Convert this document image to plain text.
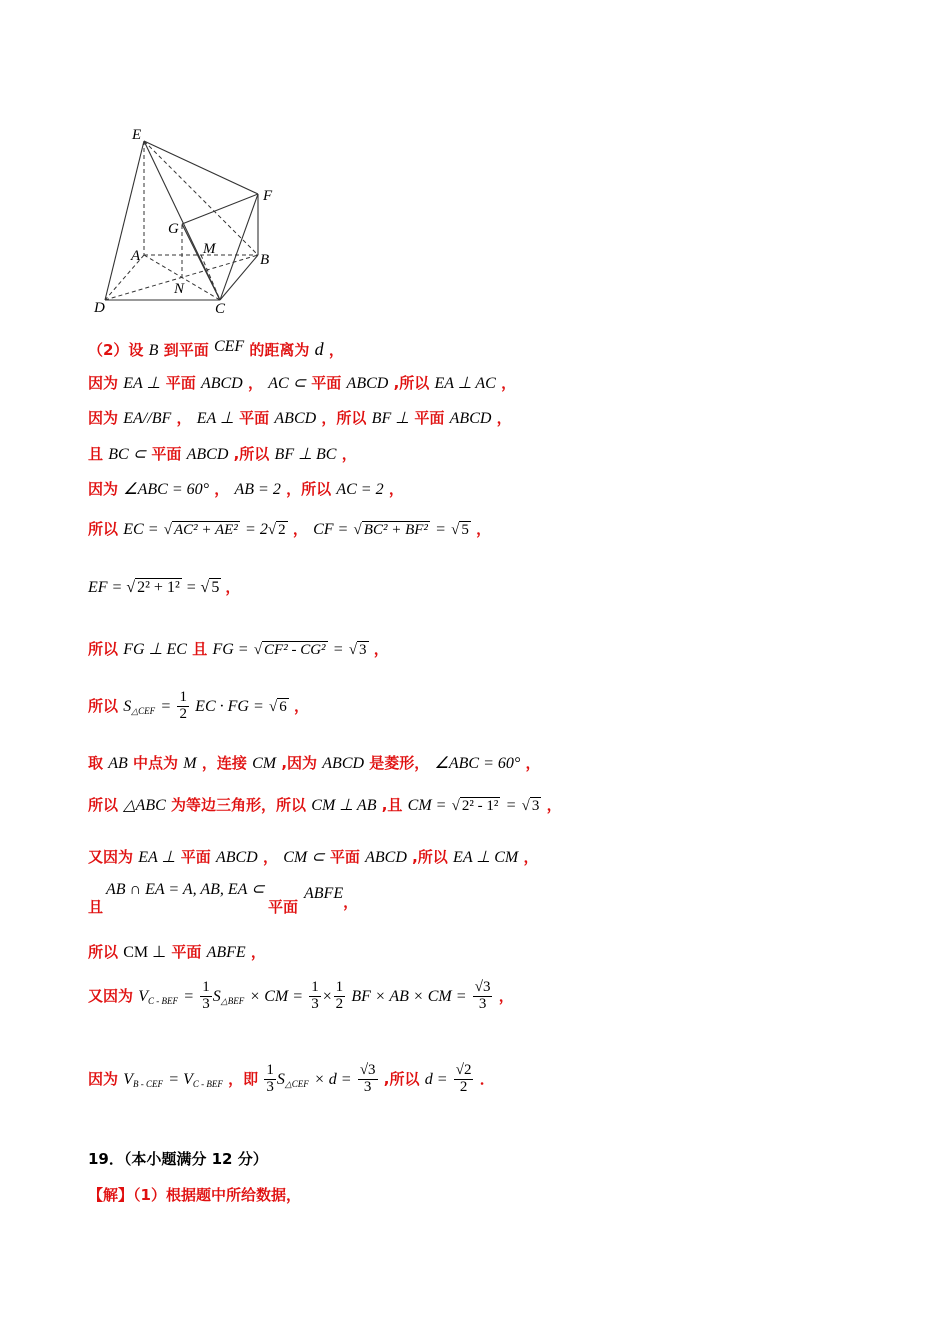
E
F
G
M
A	B
N
D	C
（2）设 B 到平面 CEF 的距离为 d ，
因为 EA ⊥ 平面 ABCD ， AC ⊂ 平面 ABCD ,所以 EA ⊥ AC ，
因为 EA//BF ， EA ⊥ 平面 ABCD ，所以 BF ⊥ 平面 ABCD ，
且 BC ⊂ 平面 ABCD ,所以 BF ⊥ BC ，
因为 ∠ABC = 60° ， AB = 2 ，所以 AC = 2 ，
所以 EC = √ AC² + AE² = 2√ 2 ， CF = √ BC² + BF² = √ 5 ，
EF = √ 2² + 1² = √ 5 ，
所以 FG ⊥ EC 且 FG = √ CF² - CG² = √ 3 ，
所以 $S_{\triangle CEF} = \frac{1}{2}$ EC · FG = √ 6 ，
取 AB 中点为 M ，连接 CM ,因为 ABCD 是菱形， ∠ABC = 60° ，
所以 △ABC 为等边三角形，所以 CM ⊥ AB ,且 CM = √ 2² - 1² = √ 3 ，
又因为 EA ⊥ 平面 ABCD ， CM ⊂ 平面 ABCD ,所以 EA ⊥ CM ，
AB ∩ EA = A, AB, EA ⊂
且	平面
ABFE，
所以 CM ⊥ 平面 ABFE ，
又因为 $V_{C - BEF} = \frac{1}{3} S_{\triangle BEF}$ × CM = $\frac{1}{3} \times \frac{1}{2}$ BF × AB × CM = $\frac{√3}{3}$ ，
因为 $V_{B - CEF} = V_{C - BEF}$ ，即 $\frac{1}{3} S_{\triangle CEF} \times d = \frac{√3}{3}$ ,所以 $d = \frac{√2}{2}$ ．
19．（本小题满分 12 分）
【解】（1）根据题中所给数据，
